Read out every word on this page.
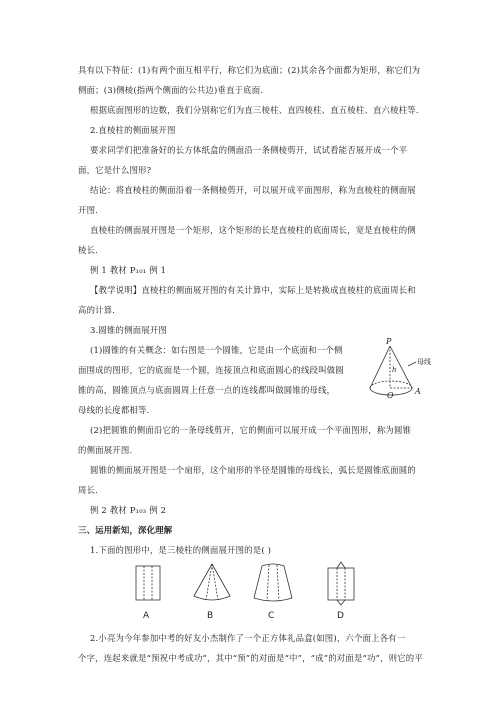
具有以下特征：(1)有两个面互相平行，称它们为底面；(2)其余各个面都为矩形，称它们为
侧面；(3)侧棱(指两个侧面的公共边)垂直于底面.
根据底面图形的边数，我们分别称它们为直三棱柱、直四棱柱、直五棱柱、直六棱柱等.
2.直棱柱的侧面展开图
要求同学们把准备好的长方体纸盒的侧面沿一条侧棱剪开，试试看能否展开成一个平
面，它是什么图形?
结论：将直棱柱的侧面沿着一条侧棱剪开，可以展开成平面图形，称为直棱柱的侧面展
开图.
直棱柱的侧面展开图是一个矩形，这个矩形的长是直棱柱的底面周长，宽是直棱柱的侧
棱长.
例 1 教材 P₁₀₁ 例 1
【教学说明】直棱柱的侧面展开图的有关计算中，实际上是转换成直棱柱的底面周长和
高的计算.
3.圆锥的侧面展开图
(1)圆锥的有关概念：如右图是一个圆锥，它是由一个底面和一个侧
面围成的图形，它的底面是一个圆，连接顶点和底面圆心的线段叫做圆
锥的高，圆锥顶点与底面圆周上任意一点的连线都叫做圆锥的母线，
母线的长度都相等.
P
母线
h
O	A
(2)把圆锥的侧面沿它的一条母线剪开，它的侧面可以展开成一个平面图形，称为圆锥
的侧面展开图.
圆锥的侧面展开图是一个扇形，这个扇形的半径是圆锥的母线长，弧长是圆锥底面圆的
周长.
例 2 教材 P₁₀₃ 例 2
三、运用新知，深化理解
1.下面的图形中，是三棱柱的侧面展开图的是( )
A	B	C	D
2.小亮为今年参加中考的好友小杰制作了一个正方体礼品盒(如图)，六个面上各有一
个字，连起来就是“预祝中考成功”，其中“预”的对面是“中”，“成”的对面是“功”，则它的平
